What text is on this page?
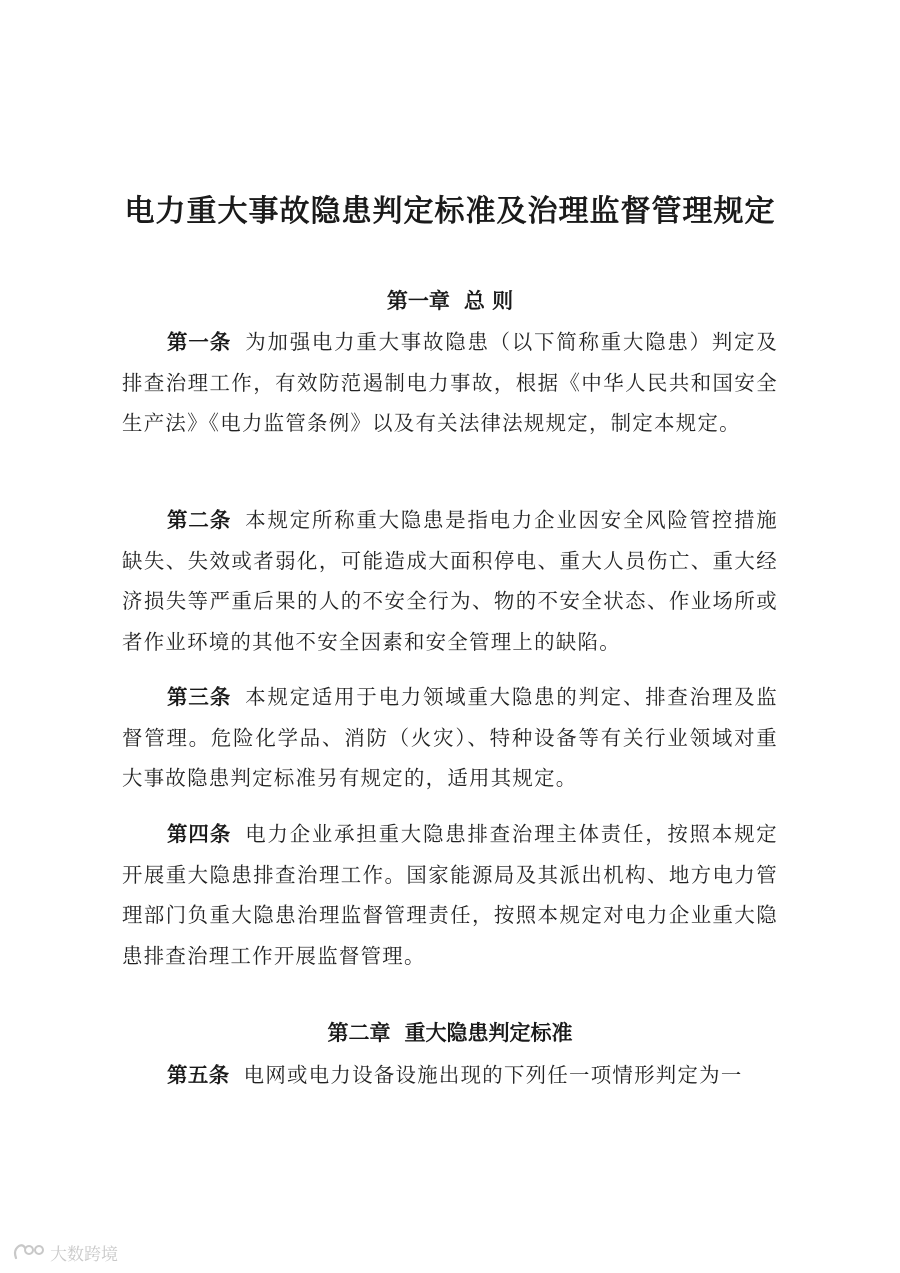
电力重大事故隐患判定标准及治理监督管理规定
第一章 总 则

第一条 为加强电力重大事故隐患（以下简称重大隐患）判定及排查治理工作，有效防范遏制电力事故，根据《中华人民共和国安全生产法》《电力监管条例》以及有关法律法规规定，制定本规定。

第二条 本规定所称重大隐患是指电力企业因安全风险管控措施缺失、失效或者弱化，可能造成大面积停电、重大人员伤亡、重大经济损失等严重后果的人的不安全行为、物的不安全状态、作业场所或者作业环境的其他不安全因素和安全管理上的缺陷。

第三条 本规定适用于电力领域重大隐患的判定、排查治理及监督管理。危险化学品、消防（火灾）、特种设备等有关行业领域对重大事故隐患判定标准另有规定的，适用其规定。

第四条 电力企业承担重大隐患排查治理主体责任，按照本规定开展重大隐患排查治理工作。国家能源局及其派出机构、地方电力管理部门负重大隐患治理监督管理责任，按照本规定对电力企业重大隐患排查治理工作开展监督管理。

第二章 重大隐患判定标准

第五条 电网或电力设备设施出现的下列任一项情形判定为一

大数跨境
